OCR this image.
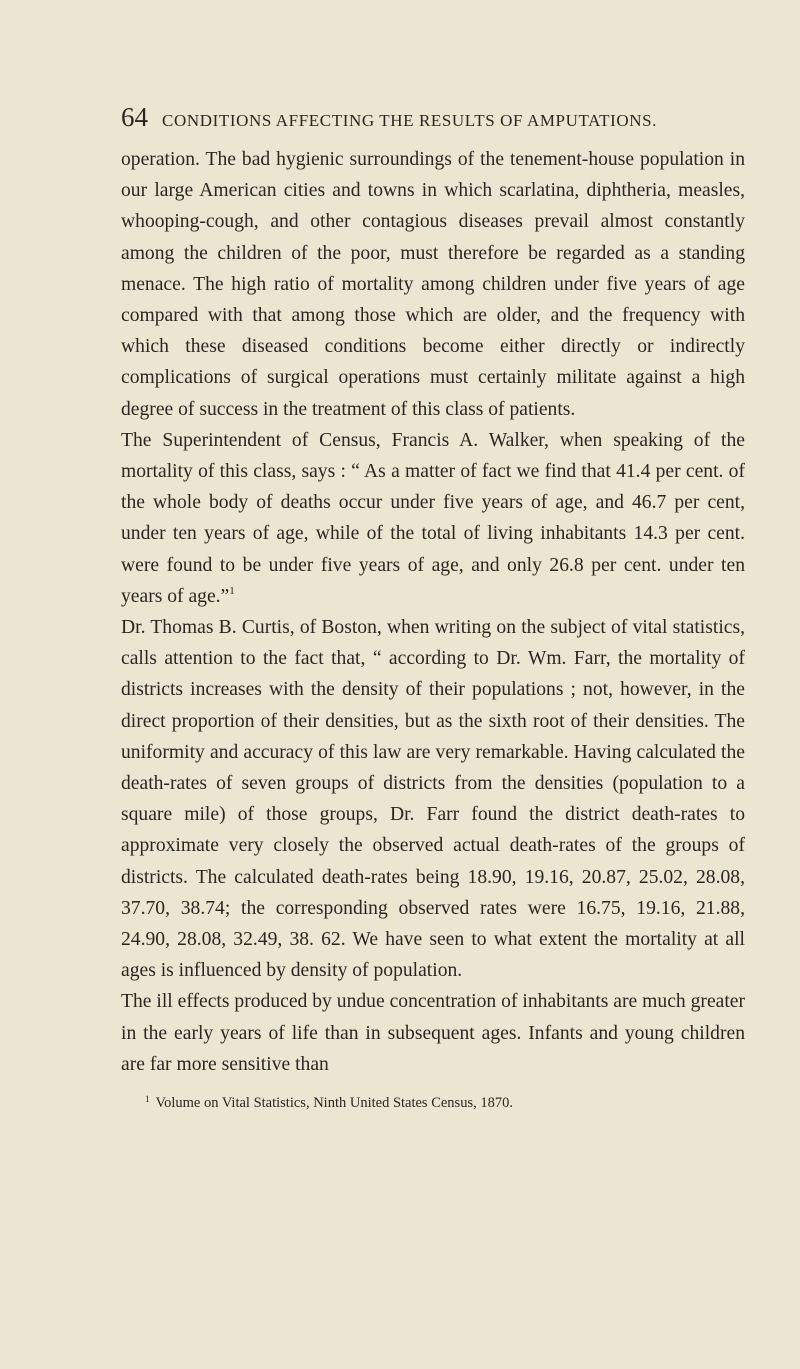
64 CONDITIONS AFFECTING THE RESULTS OF AMPUTATIONS.

operation. The bad hygienic surroundings of the tenement-house population in our large American cities and towns in which scarlatina, diphtheria, measles, whooping-cough, and other contagious diseases prevail almost constantly among the children of the poor, must therefore be regarded as a standing menace. The high ratio of mortality among children under five years of age compared with that among those which are older, and the frequency with which these diseased conditions become either directly or indirectly complications of surgical operations must certainly militate against a high degree of success in the treatment of this class of patients.

The Superintendent of Census, Francis A. Walker, when speaking of the mortality of this class, says : “ As a matter of fact we find that 41.4 per cent. of the whole body of deaths occur under five years of age, and 46.7 per cent, under ten years of age, while of the total of living inhabitants 14.3 per cent. were found to be under five years of age, and only 26.8 per cent. under ten years of age.”$^1$

Dr. Thomas B. Curtis, of Boston, when writing on the subject of vital statistics, calls attention to the fact that, “ according to Dr. Wm. Farr, the mortality of districts increases with the density of their populations ; not, however, in the direct proportion of their densities, but as the sixth root of their densities. The uniformity and accuracy of this law are very remarkable. Having calculated the death-rates of seven groups of districts from the densities (population to a square mile) of those groups, Dr. Farr found the district death-rates to approximate very closely the observed actual death-rates of the groups of districts. The calculated death-rates being 18.90, 19.16, 20.87, 25.02, 28.08, 37.70, 38.74; the corresponding observed rates were 16.75, 19.16, 21.88, 24.90, 28.08, 32.49, 38. 62. We have seen to what extent the mortality at all ages is influenced by density of population.

The ill effects produced by undue concentration of inhabitants are much greater in the early years of life than in subsequent ages. Infants and young children are far more sensitive than

$^1$ Volume on Vital Statistics, Ninth United States Census, 1870.
